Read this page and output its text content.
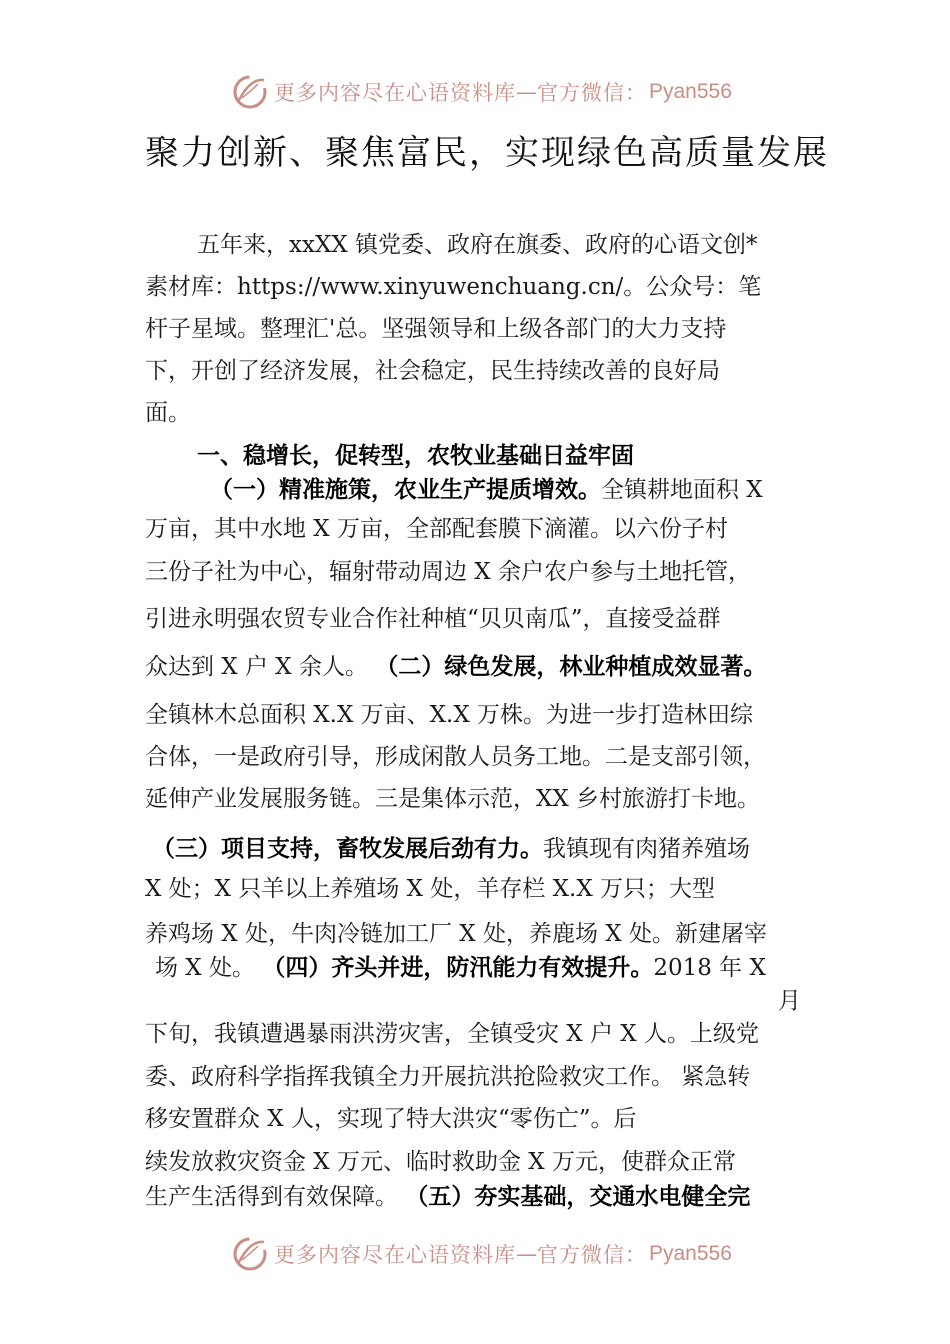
更多内容尽在心语资料库 — 官方微信： Pyan556
聚力创新、聚焦富民，实现绿色高质量发展
五年来，xxXX 镇党委、政府在旗委、政府的心语文创*
素材库：https://www.xinyuwenchuang.cn/。公众号：笔
杆子星域。整理汇'总。坚强领导和上级各部门的大力支持
下，开创了经济发展，社会稳定，民生持续改善的良好局
面。
一、稳增长，促转型，农牧业基础日益牢固
（一）精准施策，农业生产提质增效。全镇耕地面积 X
万亩，其中水地 X 万亩，全部配套膜下滴灌。以六份子村
三份子社为中心，辐射带动周边 X 余户农户参与土地托管，
引进永明强农贸专业合作社种植“贝贝南瓜”，直接受益群
众达到 X 户 X 余人。 （二）绿色发展，林业种植成效显著。
全镇林木总面积 X.X 万亩、X.X 万株。为进一步打造林田综
合体，一是政府引导，形成闲散人员务工地。二是支部引领，
延伸产业发展服务链。三是集体示范，XX 乡村旅游打卡地。
（三）项目支持，畜牧发展后劲有力。我镇现有肉猪养殖场
X 处；X 只羊以上养殖场 X 处，羊存栏 X.X 万只；大型
养鸡场 X 处，牛肉冷链加工厂 X 处，养鹿场 X 处。新建屠宰
场 X 处。 （四）齐头并进，防汛能力有效提升。2018 年 X
月
下旬，我镇遭遇暴雨洪涝灾害，全镇受灾 X 户 X 人。上级党
委、政府科学指挥我镇全力开展抗洪抢险救灾工作。 紧急转
移安置群众 X 人，实现了特大洪灾“零伤亡”。后
续发放救灾资金 X 万元、临时救助金 X 万元，使群众正常
生产生活得到有效保障。 （五）夯实基础，交通水电健全完
更多内容尽在心语资料库 — 官方微信： Pyan556
